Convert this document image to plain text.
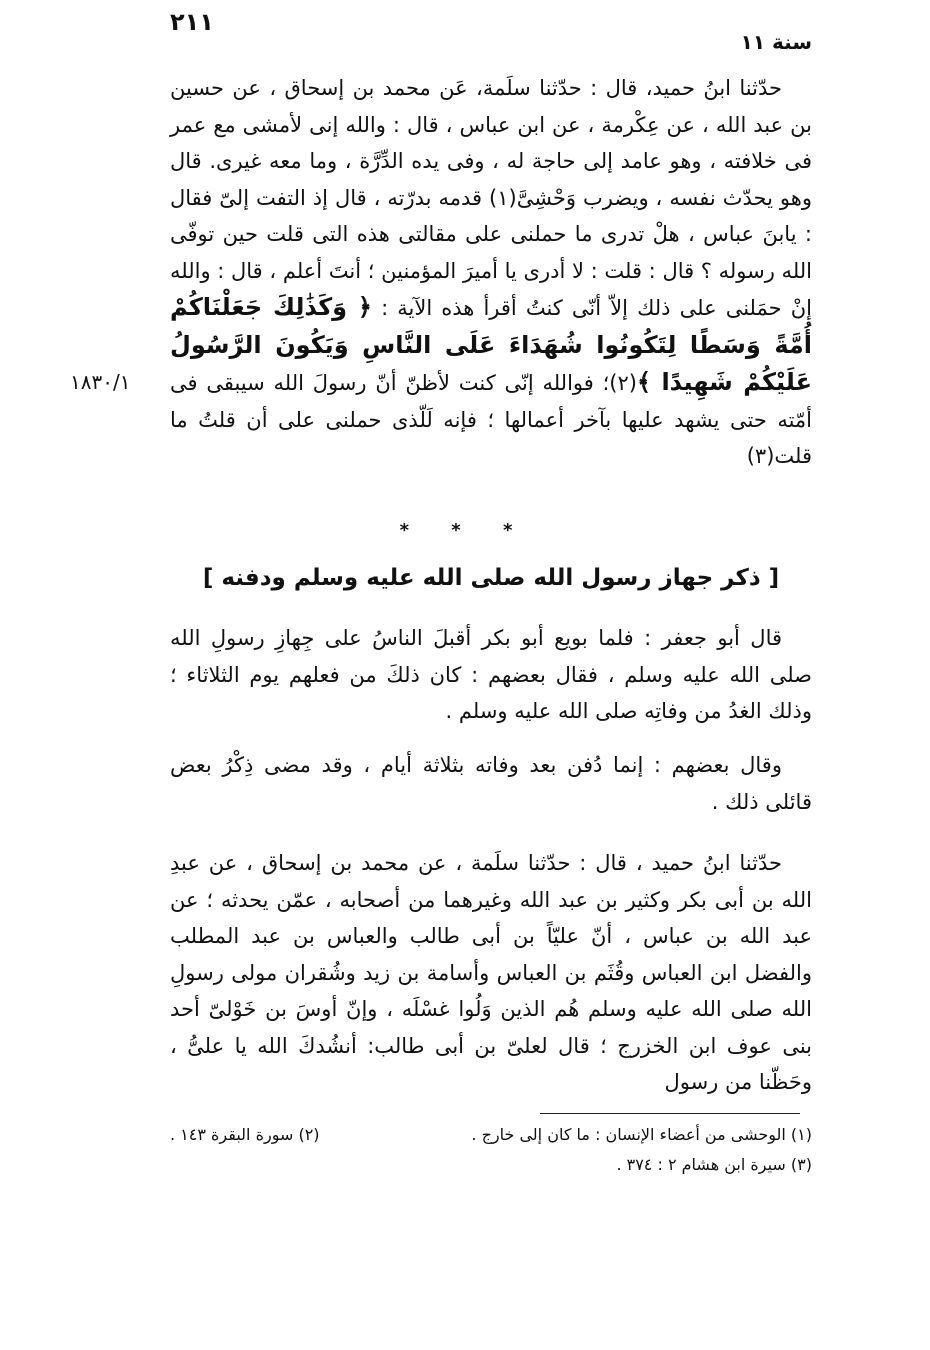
٢١١
سنة ١١
١٨٣٠/١

حدّثنا ابنُ حميد، قال : حدّثنا سلَمة، عَن محمد بن إسحاق ، عن حسين بن عبد الله ، عن عِكْرمة ، عن ابن عباس ، قال : والله إنى لأمشى مع عمر فى خلافته ، وهو عامد إلى حاجة له ، وفى يده الدِّرَّة ، وما معه غيرى. قال وهو يحدّث نفسه ، ويضرب وَحْشِىَّ(١) قدمه بدرّته ، قال إذ التفت إلىّ فقال : يابنَ عباس ، هلْ تدرى ما حملنى على مقالتى هذه التى قلت حين توفّى الله رسوله ؟ قال : قلت : لا أدرى يا أميرَ المؤمنين ؛ أنتَ أعلم ، قال : والله إنْ حمَلنى على ذلك إلاّ أنّى كنتُ أقرأ هذه الآية : ﴿ وَكَذَٰلِكَ جَعَلْنَاكُمْ أُمَّةً وَسَطًا لِتَكُونُوا شُهَدَاءَ عَلَى النَّاسِ وَيَكُونَ الرَّسُولُ عَلَيْكُمْ شَهِيدًا ﴾(٢)؛ فوالله إنّى كنت لأظنّ أنّ رسولَ الله سيبقى فى أمّته حتى يشهد عليها بآخر أعمالها ؛ فإنه لَلّذى حملنى على أن قلتُ ما قلت(٣)

* * *
[ ذكر جهاز رسول الله صلى الله عليه وسلم ودفنه ]

قال أبو جعفر : فلما بويع أبو بكر أقبلَ الناسُ على جِهازِ رسولِ الله صلى الله عليه وسلم ، فقال بعضهم : كان ذلكَ من فعلهم يوم الثلاثاء ؛ وذلك الغدُ من وفاتِه صلى الله عليه وسلم .

وقال بعضهم : إنما دُفن بعد وفاته بثلاثة أيام ، وقد مضى ذِكْرُ بعض قائلى ذلك .

حدّثنا ابنُ حميد ، قال : حدّثنا سلَمة ، عن محمد بن إسحاق ، عن عبدِ الله بن أبى بكر وكثير بن عبد الله وغيرهما من أصحابه ، عمّن يحدثه ؛ عن عبد الله بن عباس ، أنّ عليّاً بن أبى طالب والعباس بن عبد المطلب والفضل ابن العباس وقُثَم بن العباس وأسامة بن زيد وشُقران مولى رسولِ الله صلى الله عليه وسلم هُم الذين وَلُوا غسْلَه ، وإنّ أوسَ بن خَوْلىّ أحد بنى عوف ابن الخزرج ؛ قال لعلىّ بن أبى طالب: أنشُدكَ الله يا علىُّ ، وحَظّنا من رسول

(١) الوحشى من أعضاء الإنسان : ما كان إلى خارج .
(٢) سورة البقرة ١٤٣ .
(٣) سيرة ابن هشام ٢ : ٣٧٤ .
